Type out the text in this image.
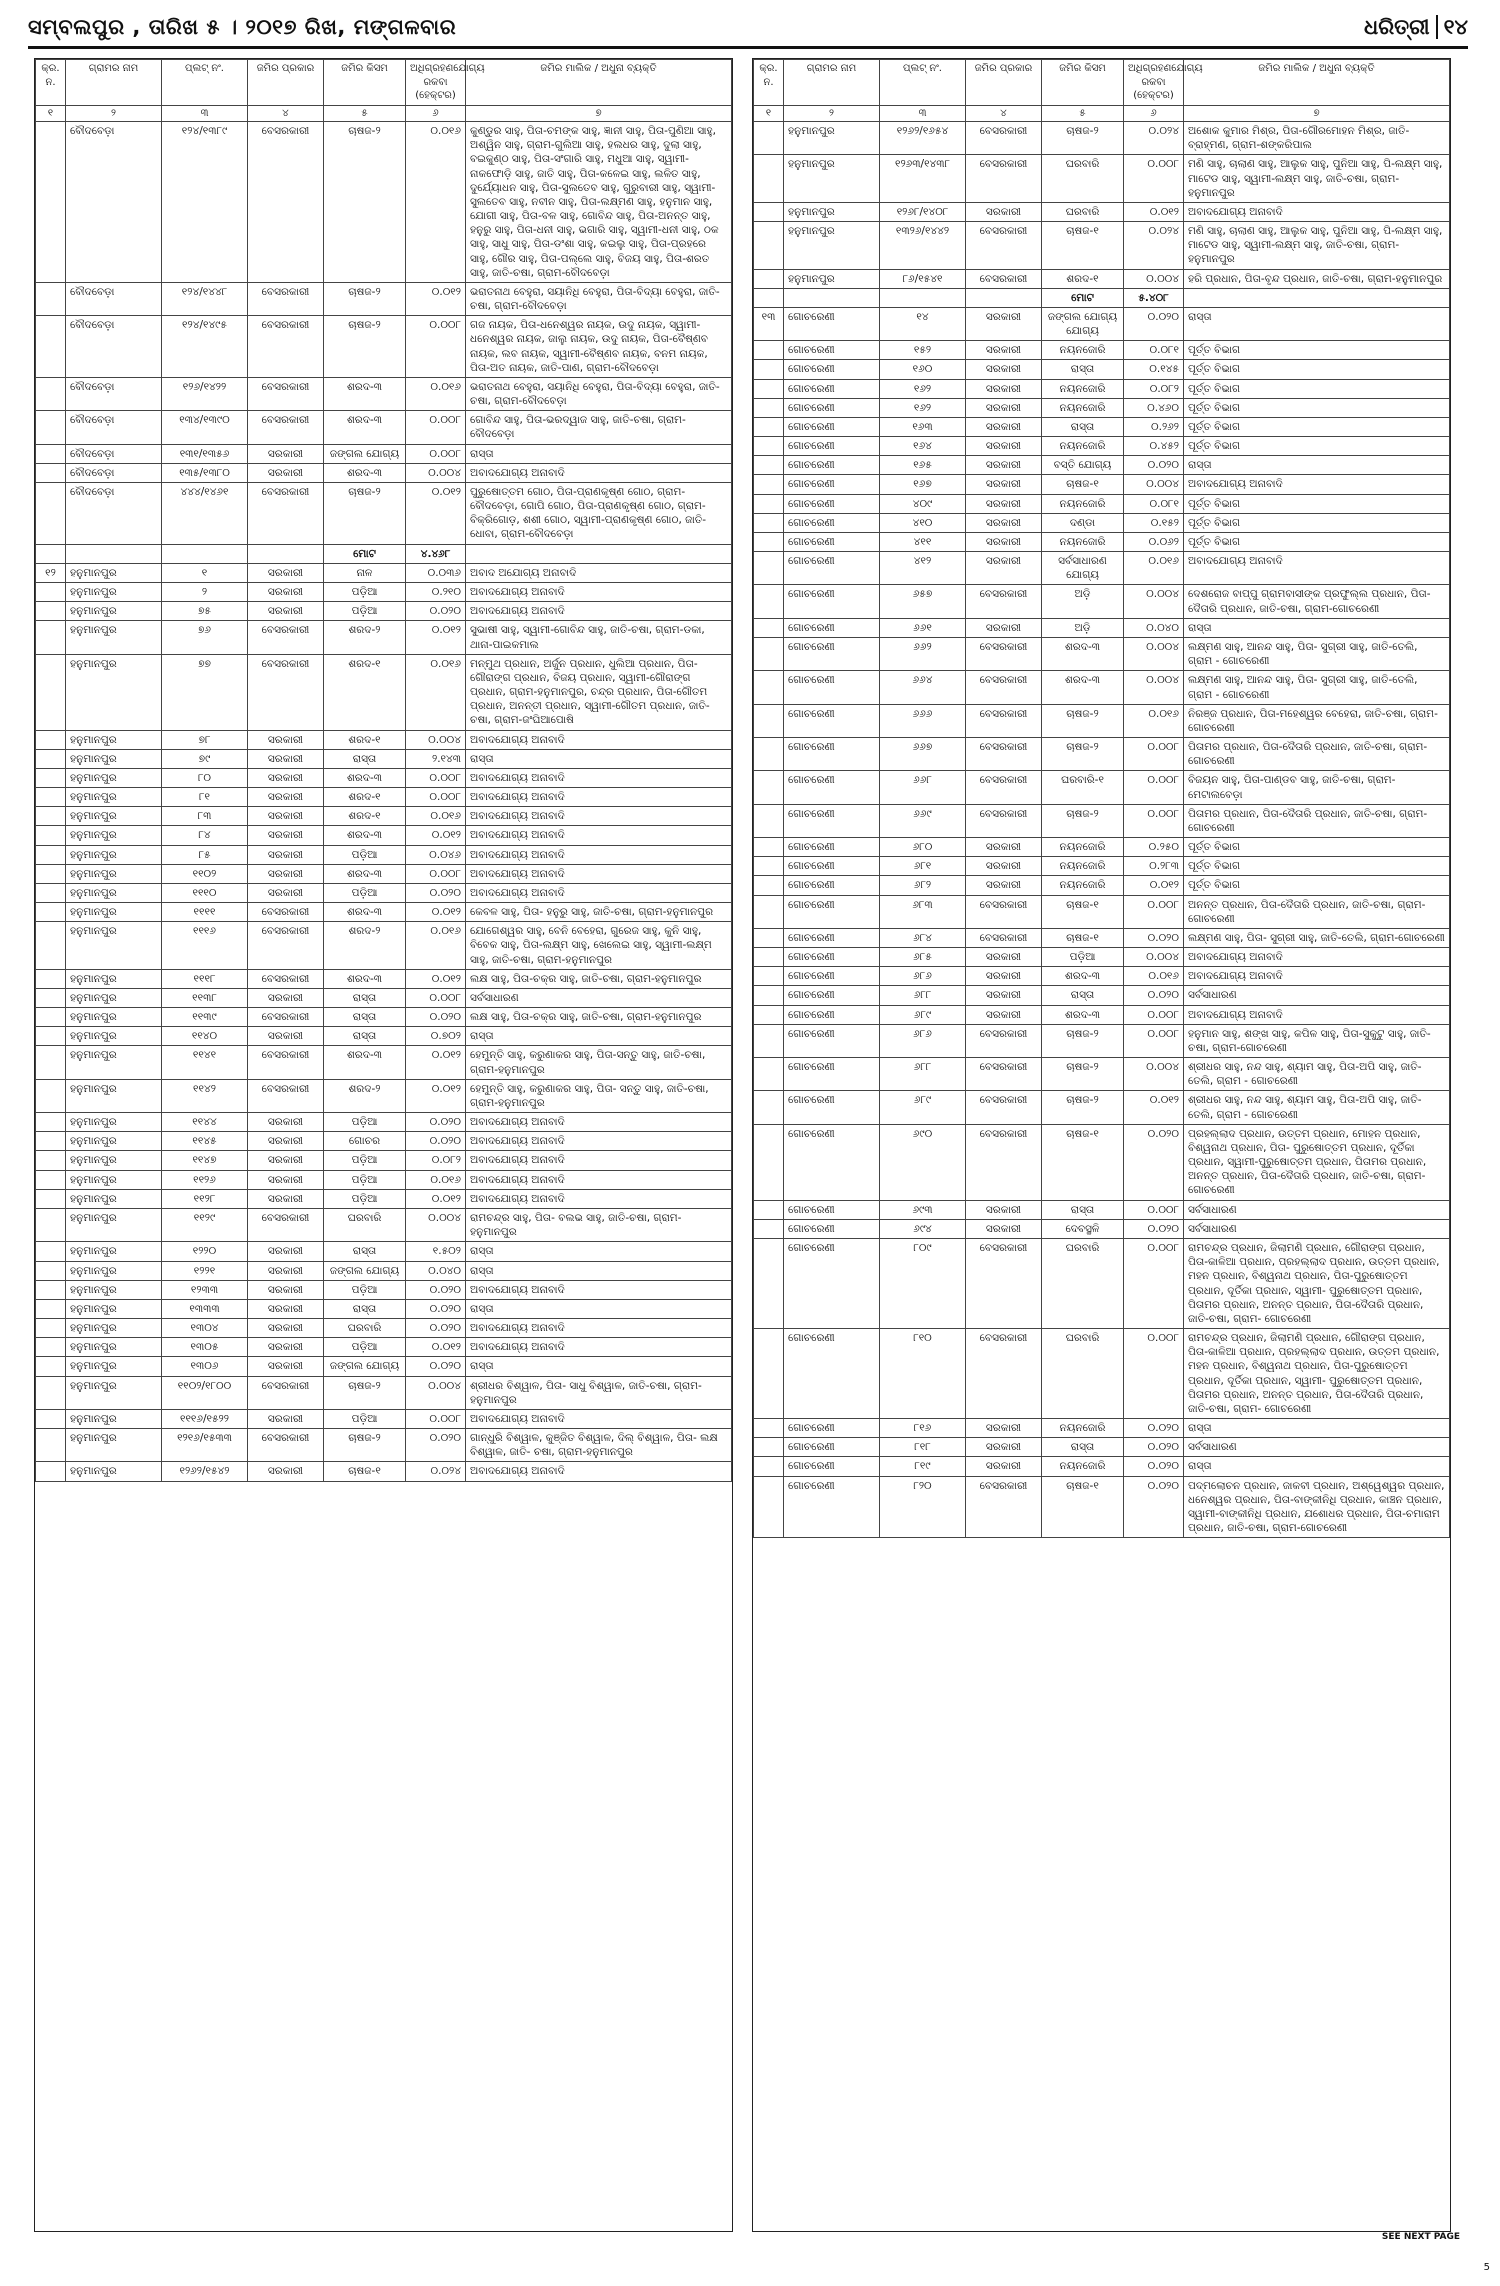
ସମ୍ବଲପୁର , ତାରିଖ ୫ । ୨୦୧୭ ରିଖ, ମଙ୍ଗଳବାର	ଧରିତ୍ରୀ ୧୪
କ୍ର. ନ.	ଗ୍ରାମର ନାମ	ପ୍ଲଟ୍ ନଂ.	ଜମିର ପ୍ରକାର	ଜମିର କିସମ	ଅଧିଗ୍ରହଣଯୋଗ୍ୟ ରକବା (ହେକ୍ଟର)	ଜମିର ମାଲିକ / ଅଧୁନା ବ୍ୟକ୍ତି
୧	୨	୩	୪	୫	୬	୭
	ବୌଦବେଡ଼ା	୧୨୪/୧୩୮୯	ବେସରକାରୀ	ଚାଷଜ-୨	୦.୦୧୬	କୁଣ୍ଡୁର ସାହୁ, ପିତା-ଚମଙ୍କ ସାହୁ, ଜ୍ଞାନୀ ସାହୁ, ପିତା-ପୁଣିଆ ସାହୁ, ଅଶ୍ୱିନ ସାହୁ, ଗ୍ରାମ-ଗୁଲିଆ ସାହୁ, ହଲଧର ସାହୁ, ଦୁଲା ସାହୁ, ବଇକୁଣ୍ଠ ସାହୁ, ପିତା-ସଂଗାରି ସାହୁ, ମଧୁଆ ସାହୁ, ସ୍ୱାମୀ-ନାକଫୋଡ଼ି ସାହୁ, ଜାତି ସାହୁ, ପିତା-କଳେଇ ସାହୁ, ଲଳିତ ସାହୁ, ଦୁର୍ଯ୍ୟୋଧନ ସାହୁ, ପିତା-ସୁଲତେବ ସାହୁ, ଗୁରୁବାରୀ ସାହୁ, ସ୍ୱାମୀ-ସୁଲତେବ ସାହୁ, ନବୀନ ସାହୁ, ପିତା-ଲକ୍ଷ୍ମଣ ସାହୁ, ହନୁମାନ ସାହୁ, ଯୋଗୀ ସାହୁ, ପିତା-ବଳ ସାହୁ, ଗୋବିନ୍ଦ ସାହୁ, ପିତା-ଅନନ୍ତ ସାହୁ, ହନୁରୁ ସାହୁ, ପିତା-ଧନୀ ସାହୁ, ଭଗାରି ସାହୁ, ସ୍ୱାମୀ-ଧନୀ ସାହୁ, ଠକ ସାହୁ, ସାଧୁ ସାହୁ, ପିତା-ଡଂଶା ସାହୁ, କଇଲୁ ସାହୁ, ପିତା-ପ୍ରହରେ ସାହୁ, ଗୌର ସାହୁ, ପିତା-ପଲ୍ଲେ ସାହୁ, ବିଜୟ ସାହୁ, ପିତା-ଶରତ ସାହୁ, ଜାତି-ଚଷା, ଗ୍ରାମ-ବୌଦବେଡ଼ା
	ବୌଦବେଡ଼ା	୧୨୪/୧୪୪୮	ବେସରକାରୀ	ଚାଷଜ-୨	୦.୦୧୨	ଭରାତନାଥ ବେହୁରା, ସୟାନିଧି ବେହୁରା, ପିତା-ବିଦ୍ୟା ବେହୁରା, ଜାତି-ଚଷା, ଗ୍ରାମ-ବୌଦବେଡ଼ା
	ବୌଦବେଡ଼ା	୧୨୪/୧୪୯୫	ବେସରକାରୀ	ଚାଷଜ-୨	୦.୦୦୮	ଗଜ ନାୟକ, ପିତା-ଧନେଶ୍ୱର ନାୟକ, ଉଦୁ ନାୟକ, ସ୍ୱାମୀ-ଧନେଶ୍ୱର ନାୟକ, ଜାଲୁ ନାୟକ, ଉଦୁ ନାୟକ, ପିତା-ବୈଷ୍ଣବ ନାୟକ, ଲବ ନାୟକ, ସ୍ୱାମୀ-ବୈଷ୍ଣବ ନାୟକ, ବନମ ନାୟକ, ପିତା-ଅତ ନାୟକ, ଜାତି-ପାଣ, ଗ୍ରାମ-ବୌଦବେଡ଼ା
	ବୌଦବେଡ଼ା	୧୨୬/୧୪୨୨	ବେସରକାରୀ	ଶରଦ-୩	୦.୦୧୬	ଭରାତନାଥ ବେହୁରା, ସୟାନିଧି ବେହୁରା, ପିତା-ବିଦ୍ୟା ବେହୁରା, ଜାତି-ଚଷା, ଗ୍ରାମ-ବୌଦବେଡ଼ା
	ବୌଦବେଡ଼ା	୧୩୪/୧୩୯୦	ବେସରକାରୀ	ଶରଦ-୩	୦.୦୦୮	ଗୋବିନ୍ଦ ସାହୁ, ପିତା-ଭରଦ୍ୱାଜ ସାହୁ, ଜାତି-ଚଷା, ଗ୍ରାମ-ବୌଦବେଡ଼ା
	ବୌଦବେଡ଼ା	୧୩୧/୧୩୫୬	ସରକାରୀ	ଜଙ୍ଗଲ ଯୋଗ୍ୟ	୦.୦୦୮	ରାସ୍ତା
	ବୌଦବେଡ଼ା	୧୩୫/୧୩୮୦	ସରକାରୀ	ଶରଦ-୩	୦.୦୦୪	ଅବାଦଯୋଗ୍ୟ ଅନାବାଦି
	ବୌଦବେଡ଼ା	୪୪୪/୧୪୬୧	ବେସରକାରୀ	ଚାଷଜ-୨	୦.୦୧୨	ପୁରୁଷୋତ୍ତମ ଗୋଠ, ପିତା-ପ୍ରାଣକୃଷ୍ଣ ଗୋଠ, ଗ୍ରାମ-ବୌଦବେଡ଼ା, ଗୋପି ଗୋଠ, ପିତା-ପ୍ରାଣକୃଷ୍ଣ ଗୋଠ, ଗ୍ରାମ-ବିକ୍ରିଗୋଡ଼, ଶଶୀ ଗୋଠ, ସ୍ୱାମୀ-ପ୍ରାଣକୃଷ୍ଣ ଗୋଠ, ଜାତି-ଧୋବା, ଗ୍ରାମ-ବୌଦବେଡ଼ା
				ମୋଟ	୪.୪୬୮	
୧୨	ହନୁମାନପୁର	୧	ସରକାରୀ	ନାଳ	୦.୦୩୬	ଅବାଦ ଅଯୋଗ୍ୟ ଅନାବାଦି
	ହନୁମାନପୁର	୨	ସରକାରୀ	ପଡ଼ିଆ	୦.୨୧୦	ଅବାଦଯୋଗ୍ୟ ଅନାବାଦି
	ହନୁମାନପୁର	୭୫	ସରକାରୀ	ପଡ଼ିଆ	୦.୦୨୦	ଅବାଦଯୋଗ୍ୟ ଅନାବାଦି
	ହନୁମାନପୁର	୭୬	ବେସରକାରୀ	ଶରଦ-୨	୦.୦୧୨	ସୁଭାଷୀ ସାହୁ, ସ୍ୱାମୀ-ଗୋବିନ୍ଦ ସାହୁ, ଜାତି-ଚଷା, ଗ୍ରାମ-ଡକା, ଥାନା-ପାଇକମାଲ
	ହନୁମାନପୁର	୭୭	ବେସରକାରୀ	ଶରଦ-୧	୦.୦୧୬	ମନ୍ମୁଥ ପ୍ରଧାନ, ଅର୍ଜୁନ ପ୍ରଧାନ, ଧୁଲିଆ ପ୍ରଧାନ, ପିତା-ଗୌରାଙ୍ଗ ପ୍ରଧାନ, ବିଜୟ ପ୍ରଧାନ, ସ୍ୱାମୀ-ଗୌରାଙ୍ଗ ପ୍ରଧାନ, ଗ୍ରାମ-ହନୁମାନପୁର, ଚନ୍ଦ୍ର ପ୍ରଧାନ, ପିତା-ଗୌତମ ପ୍ରଧାନ, ଅନନ୍ତୀ ପ୍ରଧାନ, ସ୍ୱାମୀ-ଗୌତମ ପ୍ରଧାନ, ଜାତି-ଚଷା, ଗ୍ରାମ-ଜଂଘିଆପୋଷି
	ହନୁମାନପୁର	୭୮	ସରକାରୀ	ଶରଦ-୧	୦.୦୦୪	ଅବାଦଯୋଗ୍ୟ ଅନାବାଦି
	ହନୁମାନପୁର	୭୯	ସରକାରୀ	ରାସ୍ତା	୨.୧୪୩	ରାସ୍ତା
	ହନୁମାନପୁର	୮୦	ସରକାରୀ	ଶରଦ-୩	୦.୦୦୮	ଅବାଦଯୋଗ୍ୟ ଅନାବାଦି
	ହନୁମାନପୁର	୮୧	ସରକାରୀ	ଶରଦ-୧	୦.୦୦୮	ଅବାଦଯୋଗ୍ୟ ଅନାବାଦି
	ହନୁମାନପୁର	୮୩	ସରକାରୀ	ଶରଦ-୧	୦.୦୧୬	ଅବାଦଯୋଗ୍ୟ ଅନାବାଦି
	ହନୁମାନପୁର	୮୪	ସରକାରୀ	ଶରଦ-୩	୦.୦୧୨	ଅବାଦଯୋଗ୍ୟ ଅନାବାଦି
	ହନୁମାନପୁର	୮୫	ସରକାରୀ	ପଡ଼ିଆ	୦.୦୪୬	ଅବାଦଯୋଗ୍ୟ ଅନାବାଦି
	ହନୁମାନପୁର	୧୧୦୨	ସରକାରୀ	ଶରଦ-୩	୦.୦୦୮	ଅବାଦଯୋଗ୍ୟ ଅନାବାଦି
	ହନୁମାନପୁର	୧୧୧୦	ସରକାରୀ	ପଡ଼ିଆ	୦.୦୨୦	ଅବାଦଯୋଗ୍ୟ ଅନାବାଦି
	ହନୁମାନପୁର	୧୧୧୧	ବେସରକାରୀ	ଶରଦ-୩	୦.୦୧୨	କେବଳ ସାହୁ, ପିତା- ହନୁରୁ ସାହୁ, ଜାତି-ଚଷା, ଗ୍ରାମ-ହନୁମାନପୁର
	ହନୁମାନପୁର	୧୧୧୬	ବେସରକାରୀ	ଶରଦ-୨	୦.୦୧୬	ଯୋଗେଶ୍ୱର ସାହୁ, ବେନି ବେହେରା, ଗୁରେଜ ସାହୁ, କୁନି ସାହୁ, ବିବେକ ସାହୁ, ପିତା-ଲକ୍ଷ୍ମ ସାହୁ, ଖେଲେଇ ସାହୁ, ସ୍ୱାମୀ-ଲକ୍ଷ୍ମ ସାହୁ, ଜାତି-ଚଷା, ଗ୍ରାମ-ହନୁମାନପୁର
	ହନୁମାନପୁର	୧୧୧୮	ବେସରକାରୀ	ଶରଦ-୩	୦.୦୧୨	ଲକ୍ଷ ସାହୁ, ପିତା-ଚକ୍ର ସାହୁ, ଜାତି-ଚଷା, ଗ୍ରାମ-ହନୁମାନପୁର
	ହନୁମାନପୁର	୧୧୩୮	ସରକାରୀ	ରାସ୍ତା	୦.୦୦୮	ସର୍ବସାଧାରଣ
	ହନୁମାନପୁର	୧୧୩୯	ବେସରକାରୀ	ରାସ୍ତା	୦.୦୨୦	ଲକ୍ଷ ସାହୁ, ପିତା-ଚକ୍ର ସାହୁ, ଜାତି-ଚଷା, ଗ୍ରାମ-ହନୁମାନପୁର
	ହନୁମାନପୁର	୧୧୪୦	ସରକାରୀ	ରାସ୍ତା	୦.୭୦୨	ରାସ୍ତା
	ହନୁମାନପୁର	୧୧୪୧	ବେସରକାରୀ	ଶରଦ-୩	୦.୦୧୨	ହେମୁନ୍ତି ସାହୁ, କରୁଣାକର ସାହୁ, ପିତା-ସନ୍ତୁ ସାହୁ, ଜାତି-ଚଷା, ଗ୍ରାମ-ହନୁମାନପୁର
	ହନୁମାନପୁର	୧୧୪୨	ବେସରକାରୀ	ଶରଦ-୨	୦.୦୧୨	ହେମୁନ୍ତି ସାହୁ, କରୁଣାକର ସାହୁ, ପିତା- ସନ୍ତୁ ସାହୁ, ଜାତି-ଚଷା, ଗ୍ରାମ-ହନୁମାନପୁର
	ହନୁମାନପୁର	୧୧୪୪	ସରକାରୀ	ପଡ଼ିଆ	୦.୦୨୦	ଅବାଦଯୋଗ୍ୟ ଅନାବାଦି
	ହନୁମାନପୁର	୧୧୪୫	ସରକାରୀ	ଗୋଚର	୦.୦୨୦	ଅବାଦଯୋଗ୍ୟ ଅନାବାଦି
	ହନୁମାନପୁର	୧୧୪୭	ସରକାରୀ	ପଡ଼ିଆ	୦.୦୮୨	ଅବାଦଯୋଗ୍ୟ ଅନାବାଦି
	ହନୁମାନପୁର	୧୧୨୬	ସରକାରୀ	ପଡ଼ିଆ	୦.୦୧୬	ଅବାଦଯୋଗ୍ୟ ଅନାବାଦି
	ହନୁମାନପୁର	୧୧୨୮	ସରକାରୀ	ପଡ଼ିଆ	୦.୦୧୨	ଅବାଦଯୋଗ୍ୟ ଅନାବାଦି
	ହନୁମାନପୁର	୧୧୨୯	ବେସରକାରୀ	ଘରବାରି	୦.୦୦୪	ରାମଚନ୍ଦ୍ର ସାହୁ, ପିତା- ବଲଭ ସାହୁ, ଜାତି-ଚଷା, ଗ୍ରାମ-ହନୁମାନପୁର
	ହନୁମାନପୁର	୧୨୨୦	ସରକାରୀ	ରାସ୍ତା	୧.୫୦୨	ରାସ୍ତା
	ହନୁମାନପୁର	୧୨୨୧	ସରକାରୀ	ଜଙ୍ଗଲ ଯୋଗ୍ୟ	୦.୦୪୦	ରାସ୍ତା
	ହନୁମାନପୁର	୧୨୩୩	ସରକାରୀ	ପଡ଼ିଆ	୦.୦୨୦	ଅବାଦଯୋଗ୍ୟ ଅନାବାଦି
	ହନୁମାନପୁର	୧୩୩୩	ସରକାରୀ	ରାସ୍ତା	୦.୦୨୦	ରାସ୍ତା
	ହନୁମାନପୁର	୧୩୦୪	ସରକାରୀ	ଘରବାରି	୦.୦୨୦	ଅବାଦଯୋଗ୍ୟ ଅନାବାଦି
	ହନୁମାନପୁର	୧୩୦୫	ସରକାରୀ	ପଡ଼ିଆ	୦.୦୧୨	ଅବାଦଯୋଗ୍ୟ ଅନାବାଦି
	ହନୁମାନପୁର	୧୩୦୬	ସରକାରୀ	ଜଙ୍ଗଲ ଯୋଗ୍ୟ	୦.୦୨୦	ରାସ୍ତା
	ହନୁମାନପୁର	୧୧୦୨/୧୮୦୦	ବେସରକାରୀ	ଚାଷଜ-୨	୦.୦୦୪	ଶ୍ରୀଧର ବିଶ୍ୱାଳ, ପିତା- ସାଧୁ ବିଶ୍ୱାଳ, ଜାତି-ଚଷା, ଗ୍ରାମ-ହନୁମାନପୁର
	ହନୁମାନପୁର	୧୧୧୬/୧୫୨୨	ସରକାରୀ	ପଡ଼ିଆ	୦.୦୦୮	ଅବାଦଯୋଗ୍ୟ ଅନାବାଦି
	ହନୁମାନପୁର	୧୨୧୬/୧୫୩୩	ବେସରକାରୀ	ଚାଷଜ-୨	୦.୦୨୦	ଗାନ୍ଧୁରି ବିଶ୍ୱାଳ, କୁଞ୍ଜିତ ବିଶ୍ୱାଳ, ଦିଲ୍ ବିଶ୍ୱାଳ, ପିତା- ଲକ୍ଷ ବିଶ୍ୱାଳ, ଜାତି- ଚଷା, ଗ୍ରାମ-ହନୁମାନପୁର
	ହନୁମାନପୁର	୧୨୬୨/୧୫୪୨	ସରକାରୀ	ଚାଷଜ-୧	୦.୦୨୪	ଅବାଦଯୋଗ୍ୟ ଅନାବାଦି
କ୍ର. ନ.	ଗ୍ରାମର ନାମ	ପ୍ଲଟ୍ ନଂ.	ଜମିର ପ୍ରକାର	ଜମିର କିସମ	ଅଧିଗ୍ରହଣଯୋଗ୍ୟ ରକବା (ହେକ୍ଟର)	ଜମିର ମାଲିକ / ଅଧୁନା ବ୍ୟକ୍ତି
୧	୨	୩	୪	୫	୬	୭
	ହନୁମାନପୁର	୧୨୬୨/୧୬୫୪	ବେସରକାରୀ	ଚାଷଜ-୨	୦.୦୨୪	ଅଶୋକ କୁମାର ମିଶ୍ର, ପିତା-ଗୌରମୋହନ ମିଶ୍ର, ଜାତି-ବ୍ରାହ୍ମଣ, ଗ୍ରାମ-ଶଙ୍କରିପାଲ
	ହନୁମାନପୁର	୧୨୬୩/୧୪୩୮	ବେସରକାରୀ	ଘରବାରି	୦.୦୦୮	ମଣି ସାହୁ, ଚାଲାଣ ସାହୁ, ଆଲୁକ ସାହୁ, ପୁନିଆ ସାହୁ, ପି-ଲକ୍ଷ୍ମ ସାହୁ, ମାଟେଡ ସାହୁ, ସ୍ୱାମୀ-ଲକ୍ଷ୍ମ ସାହୁ, ଜାତି-ଚଷା, ଗ୍ରାମ-ହନୁମାନପୁର
	ହନୁମାନପୁର	୧୨୬୮/୧୪୦୮	ସରକାରୀ	ଘରବାରି	୦.୦୧୨	ଅବାଦଯୋଗ୍ୟ ଅନାବାଦି
	ହନୁମାନପୁର	୧୩୨୬/୧୪୪୨	ବେସରକାରୀ	ଚାଷଜ-୧	୦.୦୨୪	ମଣି ସାହୁ, ଚାଲାଣ ସାହୁ, ଆଲୁକ ସାହୁ, ପୁନିଆ ସାହୁ, ପି-ଲକ୍ଷ୍ମ ସାହୁ, ମାଟେଡ ସାହୁ, ସ୍ୱାମୀ-ଲକ୍ଷ୍ମ ସାହୁ, ଜାତି-ଚଷା, ଗ୍ରାମ-ହନୁମାନପୁର
	ହନୁମାନପୁର	୮୬/୧୫୪୧	ବେସରକାରୀ	ଶରଦ-୧	୦.୦୦୪	ହରି ପ୍ରଧାନ, ପିତା-ବୃନ୍ଦ ପ୍ରଧାନ, ଜାତି-ଚଷା, ଗ୍ରାମ-ହନୁମାନପୁର
				ମୋଟ	୫.୪୦୮	
୧୩	ଗୋଚରେଣୀ	୧୪	ସରକାରୀ	ଜଙ୍ଗଲ ଯୋଗ୍ୟ ଯୋଗ୍ୟ	୦.୦୨୦	ରାସ୍ତା
	ଗୋଚରେଣୀ	୧୫୨	ସରକାରୀ	ନୟନଜୋରି	୦.୦୮୧	ପୂର୍ତ୍ତ ବିଭାଗ
	ଗୋଚରେଣୀ	୧୬୦	ସରକାରୀ	ରାସ୍ତା	୦.୧୪୫	ପୂର୍ତ୍ତ ବିଭାଗ
	ଗୋଚରେଣୀ	୧୬୨	ସରକାରୀ	ନୟନଜୋରି	୦.୦୮୨	ପୂର୍ତ୍ତ ବିଭାଗ
	ଗୋଚରେଣୀ	୧୬୨	ସରକାରୀ	ନୟନଜୋରି	୦.୪୬୦	ପୂର୍ତ୍ତ ବିଭାଗ
	ଗୋଚରେଣୀ	୧୬୩	ସରକାରୀ	ରାସ୍ତା	୦.୨୬୨	ପୂର୍ତ୍ତ ବିଭାଗ
	ଗୋଚରେଣୀ	୧୬୪	ସରକାରୀ	ନୟନଜୋରି	୦.୪୫୨	ପୂର୍ତ୍ତ ବିଭାଗ
	ଗୋଚରେଣୀ	୧୬୫	ସରକାରୀ	ବସ୍ତି ଯୋଗ୍ୟ	୦.୦୨୦	ରାସ୍ତା
	ଗୋଚରେଣୀ	୧୬୭	ସରକାରୀ	ଚାଷଜ-୧	୦.୦୦୪	ଅବାଦଯୋଗ୍ୟ ଅନାବାଦି
	ଗୋଚରେଣୀ	୪୦୯	ସରକାରୀ	ନୟନଜୋରି	୦.୦୮୧	ପୂର୍ତ୍ତ ବିଭାଗ
	ଗୋଚରେଣୀ	୪୧୦	ସରକାରୀ	ଦଣ୍ଡା	୦.୧୫୨	ପୂର୍ତ୍ତ ବିଭାଗ
	ଗୋଚରେଣୀ	୪୧୧	ସରକାରୀ	ନୟନଜୋରି	୦.୦୬୨	ପୂର୍ତ୍ତ ବିଭାଗ
	ଗୋଚରେଣୀ	୪୧୨	ସରକାରୀ	ସର୍ବସାଧାରଣ ଯୋଗ୍ୟ	୦.୦୧୬	ଅବାଦଯୋଗ୍ୟ ଅନାବାଦି
	ଗୋଚରେଣୀ	୬୫୭	ବେସରକାରୀ	ଅଡ଼ି	୦.୦୦୪	ଦେଶରୋଜ ବାପ୍ପୁ ଗ୍ରାମବାସୀଙ୍କ ପ୍ରଫୁଲ୍ଲ ପ୍ରଧାନ, ପିତା-ଦୈତାରି ପ୍ରଧାନ, ଜାତି-ଚଷା, ଗ୍ରାମ-ଗୋଚରେଣୀ
	ଗୋଚରେଣୀ	୬୬୧	ସରକାରୀ	ଅଡ଼ି	୦.୦୪୦	ରାସ୍ତା
	ଗୋଚରେଣୀ	୬୬୨	ବେସରକାରୀ	ଶରଦ-୩	୦.୦୦୪	ଲକ୍ଷ୍ମଣ ସାହୁ, ଆନନ୍ଦ ସାହୁ, ପିତା- ସୁଗ୍ରୀ ସାହୁ, ଜାତି-ତେଲି, ଗ୍ରାମ - ଗୋଚରେଣୀ
	ଗୋଚରେଣୀ	୬୬୪	ବେସରକାରୀ	ଶରଦ-୩	୦.୦୦୪	ଲକ୍ଷ୍ମଣ ସାହୁ, ଆନନ୍ଦ ସାହୁ, ପିତା- ସୁଗ୍ରୀ ସାହୁ, ଜାତି-ତେଲି, ଗ୍ରାମ - ଗୋଚରେଣୀ
	ଗୋଚରେଣୀ	୬୬୬	ବେସରକାରୀ	ଚାଷଜ-୨	୦.୦୧୬	ନିରଞ୍ଜ ପ୍ରଧାନ, ପିତା-ମହେଶ୍ୱର ବେହେରା, ଜାତି-ଚଷା, ଗ୍ରାମ-ଗୋଚରେଣୀ
	ଗୋଚରେଣୀ	୬୬୭	ବେସରକାରୀ	ଚାଷଜ-୨	୦.୦୦୮	ପିତାମର ପ୍ରଧାନ, ପିତା-ଦୈତାରି ପ୍ରଧାନ, ଜାତି-ଚଷା, ଗ୍ରାମ-ଗୋଚରେଣୀ
	ଗୋଚରେଣୀ	୬୬୮	ବେସରକାରୀ	ଘରବାରି-୧	୦.୦୦୮	ବିଜୟନ ସାହୁ, ପିତା-ପାଣ୍ଡବ ସାହୁ, ଜାତି-ଚଷା, ଗ୍ରାମ-ମେଟାଲବେଡ଼ା
	ଗୋଚରେଣୀ	୬୬୯	ବେସରକାରୀ	ଚାଷଜ-୨	୦.୦୦୮	ପିତାମର ପ୍ରଧାନ, ପିତା-ଦୈତାରି ପ୍ରଧାନ, ଜାତି-ଚଷା, ଗ୍ରାମ-ଗୋଚରେଣୀ
	ଗୋଚରେଣୀ	୬୮୦	ସରକାରୀ	ନୟନଜୋରି	୦.୨୫୦	ପୂର୍ତ୍ତ ବିଭାଗ
	ଗୋଚରେଣୀ	୬୮୧	ସରକାରୀ	ନୟନଜୋରି	୦.୨୮୩	ପୂର୍ତ୍ତ ବିଭାଗ
	ଗୋଚରେଣୀ	୬୮୨	ସରକାରୀ	ନୟନଜୋରି	୦.୦୧୨	ପୂର୍ତ୍ତ ବିଭାଗ
	ଗୋଚରେଣୀ	୬୮୩	ବେସରକାରୀ	ଚାଷଜ-୧	୦.୦୦୮	ଅନନ୍ତ ପ୍ରଧାନ, ପିତା-ଦୈତାରି ପ୍ରଧାନ, ଜାତି-ଚଷା, ଗ୍ରାମ-ଗୋଚରେଣୀ
	ଗୋଚରେଣୀ	୬୮୪	ବେସରକାରୀ	ଚାଷଜ-୧	୦.୦୨୦	ଲକ୍ଷ୍ମଣ ସାହୁ, ପିତା- ସୁଗ୍ରୀ ସାହୁ, ଜାତି-ତେଲି, ଗ୍ରାମ-ଗୋଚରେଣୀ
	ଗୋଚରେଣୀ	୬୮୫	ସରକାରୀ	ପଡ଼ିଆ	୦.୦୦୪	ଅବାଦଯୋଗ୍ୟ ଅନାବାଦି
	ଗୋଚରେଣୀ	୬୮୬	ସରକାରୀ	ଶରଦ-୩	୦.୦୧୬	ଅବାଦଯୋଗ୍ୟ ଅନାବାଦି
	ଗୋଚରେଣୀ	୬୮୮	ସରକାରୀ	ରାସ୍ତା	୦.୦୨୦	ସର୍ବସାଧାରଣ
	ଗୋଚରେଣୀ	୬୮୯	ସରକାରୀ	ଶରଦ-୩	୦.୦୦୮	ଅବାଦଯୋଗ୍ୟ ଅନାବାଦି
	ଗୋଚରେଣୀ	୬୮୬	ବେସରକାରୀ	ଚାଷଜ-୨	୦.୦୦୮	ହନୁମାନ ସାହୁ, ଶଙ୍ଖ ସାହୁ, କପିଳ ସାହୁ, ପିତା-ସୁକୁଟୁ ସାହୁ, ଜାତି-ଚଷା, ଗ୍ରାମ-ଗୋଚରେଣୀ
	ଗୋଚରେଣୀ	୬୮୮	ବେସରକାରୀ	ଚାଷଜ-୨	୦.୦୦୪	ଶ୍ରୀଧର ସାହୁ, ନନ୍ଦ ସାହୁ, ଶ୍ୟାମ ସାହୁ, ପିତା-ଅପି ସାହୁ, ଜାତି-ତେଲି, ଗ୍ରାମ - ଗୋଚରେଣୀ
	ଗୋଚରେଣୀ	୬୮୯	ବେସରକାରୀ	ଚାଷଜ-୨	୦.୦୧୨	ଶ୍ରୀଧର ସାହୁ, ନନ୍ଦ ସାହୁ, ଶ୍ୟାମ ସାହୁ, ପିତା-ଅପି ସାହୁ, ଜାତି-ତେଲି, ଗ୍ରାମ - ଗୋଚରେଣୀ
	ଗୋଚରେଣୀ	୬୯୦	ବେସରକାରୀ	ଚାଷଜ-୧	୦.୦୨୦	ପ୍ରହଲ୍ଲାଦ ପ୍ରଧାନ, ଉତ୍ତମ ପ୍ରଧାନ, ମୋହନ ପ୍ରଧାନ, ବିଶ୍ୱନାଥ ପ୍ରଧାନ, ପିତା- ପୁରୁଷୋତ୍ତମ ପ୍ରଧାନ, ଦୂର୍ତିକା ପ୍ରଧାନ, ସ୍ୱାମୀ-ପୁରୁଷୋତ୍ତମ ପ୍ରଧାନ, ପିତାମର ପ୍ରଧାନ, ଅନନ୍ତ ପ୍ରଧାନ, ପିତା-ଦୈତାରି ପ୍ରଧାନ, ଜାତି-ଚଷା, ଗ୍ରାମ-ଗୋଚରେଣୀ
	ଗୋଚରେଣୀ	୬୯୩	ସରକାରୀ	ରାସ୍ତା	୦.୦୦୮	ସର୍ବସାଧାରଣ
	ଗୋଚରେଣୀ	୬୯୪	ସରକାରୀ	ଦେବସ୍ଥଳି	୦.୦୨୦	ସର୍ବସାଧାରଣ
	ଗୋଚରେଣୀ	୮୦୯	ବେସରକାରୀ	ଘରବାରି	୦.୦୦୮	ରାମଚନ୍ଦ୍ର ପ୍ରଧାନ, ଜିଲାମଣି ପ୍ରଧାନ, ଗୌରାଙ୍ଗ ପ୍ରଧାନ, ପିତା-କାଳିଆ ପ୍ରଧାନ, ପ୍ରହଲ୍ଲାଦ ପ୍ରଧାନ, ଉତ୍ତମ ପ୍ରଧାନ, ମହନ ପ୍ରଧାନ, ବିଶ୍ୱନାଥ ପ୍ରଧାନ, ପିତା-ପୁରୁଷୋତ୍ତମ ପ୍ରଧାନ, ଦୂର୍ତିକା ପ୍ରଧାନ, ସ୍ୱାମୀ- ପୁରୁଷୋତ୍ତମ ପ୍ରଧାନ, ପିତାମର ପ୍ରଧାନ, ଅନନ୍ତ ପ୍ରଧାନ, ପିତା-ଦୈତାରି ପ୍ରଧାନ, ଜାତି-ଚଷା, ଗ୍ରାମ- ଗୋଚରେଣୀ
	ଗୋଚରେଣୀ	୮୧୦	ବେସରକାରୀ	ଘରବାରି	୦.୦୦୮	ରାମଚନ୍ଦ୍ର ପ୍ରଧାନ, ଜିଲାମଣି ପ୍ରଧାନ, ଗୌରାଙ୍ଗ ପ୍ରଧାନ, ପିତା-କାଳିଆ ପ୍ରଧାନ, ପ୍ରହଲ୍ଲାଦ ପ୍ରଧାନ, ଉତ୍ତମ ପ୍ରଧାନ, ମହନ ପ୍ରଧାନ, ବିଶ୍ୱନାଥ ପ୍ରଧାନ, ପିତା-ପୁରୁଷୋତ୍ତମ ପ୍ରଧାନ, ଦୂର୍ତିକା ପ୍ରଧାନ, ସ୍ୱାମୀ- ପୁରୁଷୋତ୍ତମ ପ୍ରଧାନ, ପିତାମର ପ୍ରଧାନ, ଅନନ୍ତ ପ୍ରଧାନ, ପିତା-ଦୈତାରି ପ୍ରଧାନ, ଜାତି-ଚଷା, ଗ୍ରାମ- ଗୋଚରେଣୀ
	ଗୋଚରେଣୀ	୮୧୬	ସରକାରୀ	ନୟନଜୋରି	୦.୦୨୦	ରାସ୍ତା
	ଗୋଚରେଣୀ	୮୧୮	ସରକାରୀ	ରାସ୍ତା	୦.୦୨୦	ସର୍ବସାଧାରଣ
	ଗୋଚରେଣୀ	୮୧୯	ସରକାରୀ	ନୟନଜୋରି	୦.୦୨୦	ରାସ୍ତା
	ଗୋଚରେଣୀ	୮୨୦	ବେସରକାରୀ	ଚାଷଜ-୧	୦.୦୨୦	ପଦ୍ମଲୋଚନ ପ୍ରଧାନ, ଜାକବୀ ପ୍ରଧାନ, ଅଶ୍ୱେଶ୍ୱର ପ୍ରଧାନ, ଧନେଶ୍ୱର ପ୍ରଧାନ, ପିତା-ବାଙ୍କୀନିଧି ପ୍ରଧାନ, କାଞ୍ଚନ ପ୍ରଧାନ, ସ୍ୱାମୀ-ବାଙ୍କୀନିଧି ପ୍ରଧାନ, ଯଶୋଧର ପ୍ରଧାନ, ପିତା-ଚମାରାମ ପ୍ରଧାନ, ଜାତି-ଚଷା, ଗ୍ରାମ-ଗୋଚରେଣୀ
SEE NEXT PAGE
5
